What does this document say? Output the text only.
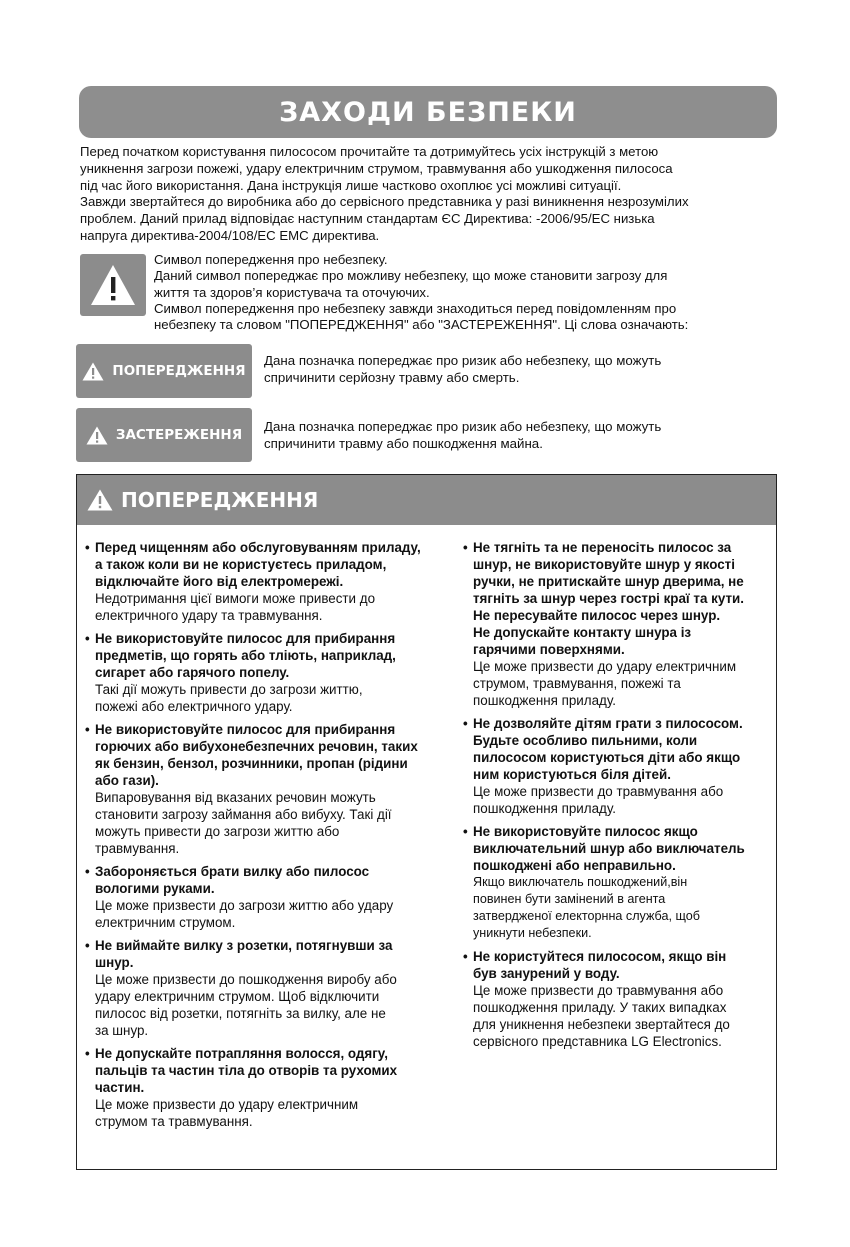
ЗАХОДИ БЕЗПЕКИ

Перед початком користування пилососом прочитайте та дотримуйтесь усіх інструкцій з метою

уникнення загрози пожежі, удару електричним струмом, травмування або ушкодження пилососа

під час його використання. Дана інструкція лише частково охоплює усі можливі ситуації.

Завжди звертайтеся до виробника або до сервісного представника у разі виникнення незрозумілих

проблем. Даний прилад відповідає наступним стандартам ЄС Директива: -2006/95/EC низька

напруга директива-2004/108/EC EMC директива.

Символ попередження про небезпеку.

Даний символ попереджає про можливу небезпеку, що може становити загрозу для

життя та здоров’я користувача та оточуючих.

Символ попередження про небезпеку завжди знаходиться перед повідомленням про

небезпеку та словом "ПОПЕРЕДЖЕННЯ" або "ЗАСТЕРЕЖЕННЯ". Ці слова означають:

ПОПЕРЕДЖЕННЯ

Дана позначка попереджає про ризик або небезпеку, що можуть

спричинити серйозну травму або смерть.

ЗАСТЕРЕЖЕННЯ

Дана позначка попереджає про ризик або небезпеку, що можуть

спричинити травму або пошкодження майна.

ПОПЕРЕДЖЕННЯ
• Перед чищенням або обслуговуванням приладу,
а також коли ви не користуєтесь приладом,
відключайте його від електромережі.
Недотримання цієї вимоги може привести до
електричного удару та травмування.
• Не використовуйте пилосос для прибирання
предметів, що горять або тліють, наприклад,
сигарет або гарячого попелу.
Такі дії можуть привести до загрози життю,
пожежі або електричного удару.
• Не використовуйте пилосос для прибирання
горючих або вибухонебезпечних речовин, таких
як бензин, бензол, розчинники, пропан (рідини
або гази).
Випаровування від вказаних речовин можуть
становити загрозу займання або вибуху. Такі дії
можуть привести до загрози життю або
травмування.
• Забороняється брати вилку або пилосос
вологими руками.
Це може призвести до загрози життю або удару
електричним струмом.
• Не виймайте вилку з розетки, потягнувши за
шнур.
Це може призвести до пошкодження виробу або
удару електричним струмом. Щоб відключити
пилосос від розетки, потягніть за вилку, але не
за шнур.
• Не допускайте потрапляння волосся, одягу,
пальців та частин тіла до отворів та рухомих
частин.
Це може призвести до удару електричним
струмом та травмування.
• Не тягніть та не переносіть пилосос за
шнур, не використовуйте шнур у якості
ручки, не притискайте шнур дверима, не
тягніть за шнур через гострі краї та кути.
Не пересувайте пилосос через шнур.
Не допускайте контакту шнура із
гарячими поверхнями.
Це може призвести до удару електричним
струмом, травмування, пожежі та
пошкодження приладу.
• Не дозволяйте дітям грати з пилососом.
Будьте особливо пильними, коли
пилососом користуються діти або якщо
ним користуються біля дітей.
Це може призвести до травмування або
пошкодження приладу.
• Не використовуйте пилосос якщо
виключательний шнур або виключатель
пошкоджені або неправильно.
Якщо виключатель пошкоджений,він
повинен бути замінений в агента
затвердженої електорнна служба, щоб
уникнути небезпеки.
• Не користуйтеся пилососом, якщо він
був занурений у воду.
Це може призвести до травмування або
пошкодження приладу. У таких випадках
для уникнення небезпеки звертайтеся до
сервісного представника LG Electronics.
